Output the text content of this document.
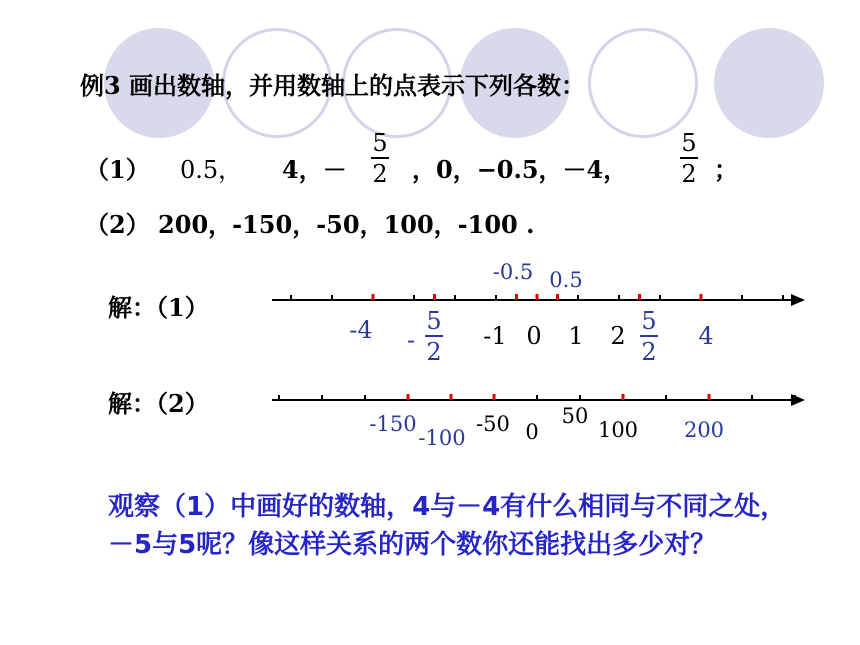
例3 画出数轴，并用数轴上的点表示下列各数：
（1） 0.5， 4，－
5
2 ，0，−0.5，－4，
5
2 ；
（2） 200，-150，-50，100，-100 .
解：（1）
解：（2）
-4 -
5
2
-1 0 1 2
5
2
4
-0.5 0.5
-150
-100
-50 0
50
100 200
观察（1）中画好的数轴，4与－4有什么相同与不同之处，－5与5呢？像这样关系的两个数你还能找出多少对？
